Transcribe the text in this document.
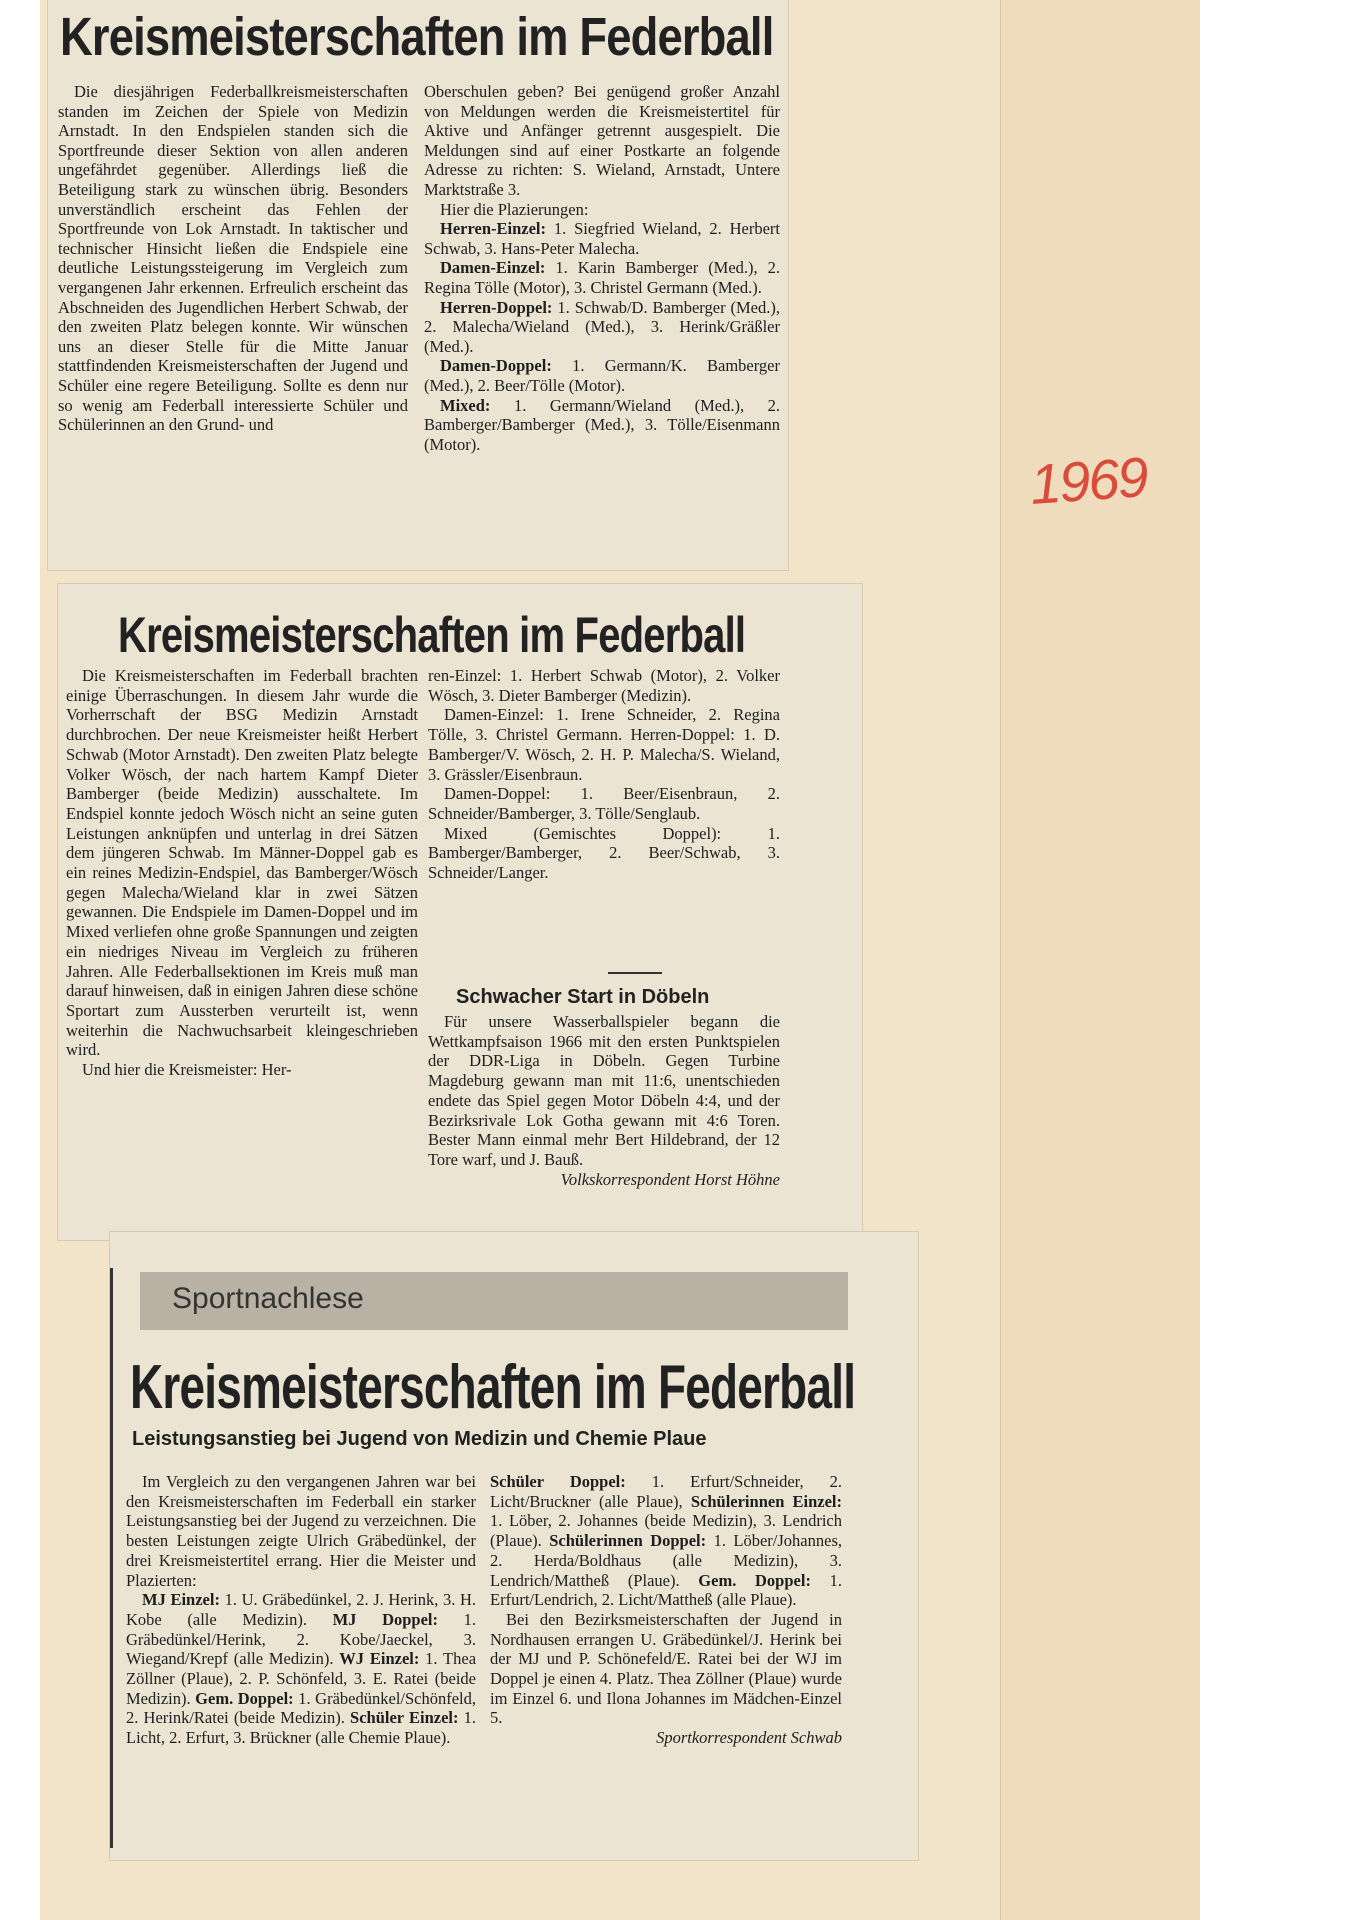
1969
Kreismeisterschaften im Federball

Die diesjährigen Federballkreismeisterschaften standen im Zeichen der Spiele von Medizin Arnstadt. In den Endspielen standen sich die Sportfreunde dieser Sektion von allen anderen ungefährdet gegenüber. Allerdings ließ die Beteiligung stark zu wünschen übrig. Besonders unverständlich erscheint das Fehlen der Sportfreunde von Lok Arnstadt. In taktischer und technischer Hinsicht ließen die Endspiele eine deutliche Leistungssteigerung im Vergleich zum vergangenen Jahr erkennen. Erfreulich erscheint das Abschneiden des Jugendlichen Herbert Schwab, der den zweiten Platz belegen konnte. Wir wünschen uns an dieser Stelle für die Mitte Januar stattfindenden Kreismeisterschaften der Jugend und Schüler eine regere Beteiligung. Sollte es denn nur so wenig am Federball interessierte Schüler und Schülerinnen an den Grund- und

Oberschulen geben? Bei genügend großer Anzahl von Meldungen werden die Kreismeistertitel für Aktive und Anfänger getrennt ausgespielt. Die Meldungen sind auf einer Postkarte an folgende Adresse zu richten: S. Wieland, Arnstadt, Untere Marktstraße 3.

Hier die Plazierungen:

Herren-Einzel: 1. Siegfried Wieland, 2. Herbert Schwab, 3. Hans-Peter Malecha.

Damen-Einzel: 1. Karin Bamberger (Med.), 2. Regina Tölle (Motor), 3. Christel Germann (Med.).

Herren-Doppel: 1. Schwab/D. Bamberger (Med.), 2. Malecha/Wieland (Med.), 3. Herink/Gräßler (Med.).

Damen-Doppel: 1. Germann/K. Bamberger (Med.), 2. Beer/Tölle (Motor).

Mixed: 1. Germann/Wieland (Med.), 2. Bamberger/Bamberger (Med.), 3. Tölle/Eisenmann (Motor).

Kreismeisterschaften im Federball

Die Kreismeisterschaften im Federball brachten einige Überraschungen. In diesem Jahr wurde die Vorherrschaft der BSG Medizin Arnstadt durchbrochen. Der neue Kreismeister heißt Herbert Schwab (Motor Arnstadt). Den zweiten Platz belegte Volker Wösch, der nach hartem Kampf Dieter Bamberger (beide Medizin) ausschaltete. Im Endspiel konnte jedoch Wösch nicht an seine guten Leistungen anknüpfen und unterlag in drei Sätzen dem jüngeren Schwab. Im Männer-Doppel gab es ein reines Medizin-Endspiel, das Bamberger/Wösch gegen Malecha/Wieland klar in zwei Sätzen gewannen. Die Endspiele im Damen-Doppel und im Mixed verliefen ohne große Spannungen und zeigten ein niedriges Niveau im Vergleich zu früheren Jahren. Alle Federballsektionen im Kreis muß man darauf hinweisen, daß in einigen Jahren diese schöne Sportart zum Aussterben verurteilt ist, wenn weiterhin die Nachwuchsarbeit kleingeschrieben wird.

Und hier die Kreismeister: Her-

ren-Einzel: 1. Herbert Schwab (Motor), 2. Volker Wösch, 3. Dieter Bamberger (Medizin).

Damen-Einzel: 1. Irene Schneider, 2. Regina Tölle, 3. Christel Germann. Herren-Doppel: 1. D. Bamberger/V. Wösch, 2. H. P. Malecha/S. Wieland, 3. Grässler/Eisenbraun.

Damen-Doppel: 1. Beer/Eisenbraun, 2. Schneider/Bamberger, 3. Tölle/Senglaub.

Mixed (Gemischtes Doppel): 1. Bamberger/Bamberger, 2. Beer/Schwab, 3. Schneider/Langer.

Schwacher Start in Döbeln

Für unsere Wasserballspieler begann die Wettkampfsaison 1966 mit den ersten Punktspielen der DDR-Liga in Döbeln. Gegen Turbine Magdeburg gewann man mit 11:6, unentschieden endete das Spiel gegen Motor Döbeln 4:4, und der Bezirksrivale Lok Gotha gewann mit 4:6 Toren. Bester Mann einmal mehr Bert Hildebrand, der 12 Tore warf, und J. Bauß.

Volkskorrespondent Horst Höhne

Sportnachlese
Kreismeisterschaften im Federball
Leistungsanstieg bei Jugend von Medizin und Chemie Plaue

Im Vergleich zu den vergangenen Jahren war bei den Kreismeisterschaften im Federball ein starker Leistungsanstieg bei der Jugend zu verzeichnen. Die besten Leistungen zeigte Ulrich Gräbedünkel, der drei Kreismeistertitel errang. Hier die Meister und Plazierten:

MJ Einzel: 1. U. Gräbedünkel, 2. J. Herink, 3. H. Kobe (alle Medizin). MJ Doppel: 1. Gräbedünkel/Herink, 2. Kobe/Jaeckel, 3. Wiegand/Krepf (alle Medizin). WJ Einzel: 1. Thea Zöllner (Plaue), 2. P. Schönfeld, 3. E. Ratei (beide Medizin). Gem. Doppel: 1. Gräbedünkel/Schönfeld, 2. Herink/Ratei (beide Medizin). Schüler Einzel: 1. Licht, 2. Erfurt, 3. Brückner (alle Chemie Plaue).

Schüler Doppel: 1. Erfurt/Schneider, 2. Licht/Bruckner (alle Plaue), Schülerinnen Einzel: 1. Löber, 2. Johannes (beide Medizin), 3. Lendrich (Plaue). Schülerinnen Doppel: 1. Löber/Johannes, 2. Herda/Boldhaus (alle Medizin), 3. Lendrich/Mattheß (Plaue). Gem. Doppel: 1. Erfurt/Lendrich, 2. Licht/Mattheß (alle Plaue).

Bei den Bezirksmeisterschaften der Jugend in Nordhausen errangen U. Gräbedünkel/J. Herink bei der MJ und P. Schönefeld/E. Ratei bei der WJ im Doppel je einen 4. Platz. Thea Zöllner (Plaue) wurde im Einzel 6. und Ilona Johannes im Mädchen-Einzel 5.

Sportkorrespondent Schwab
